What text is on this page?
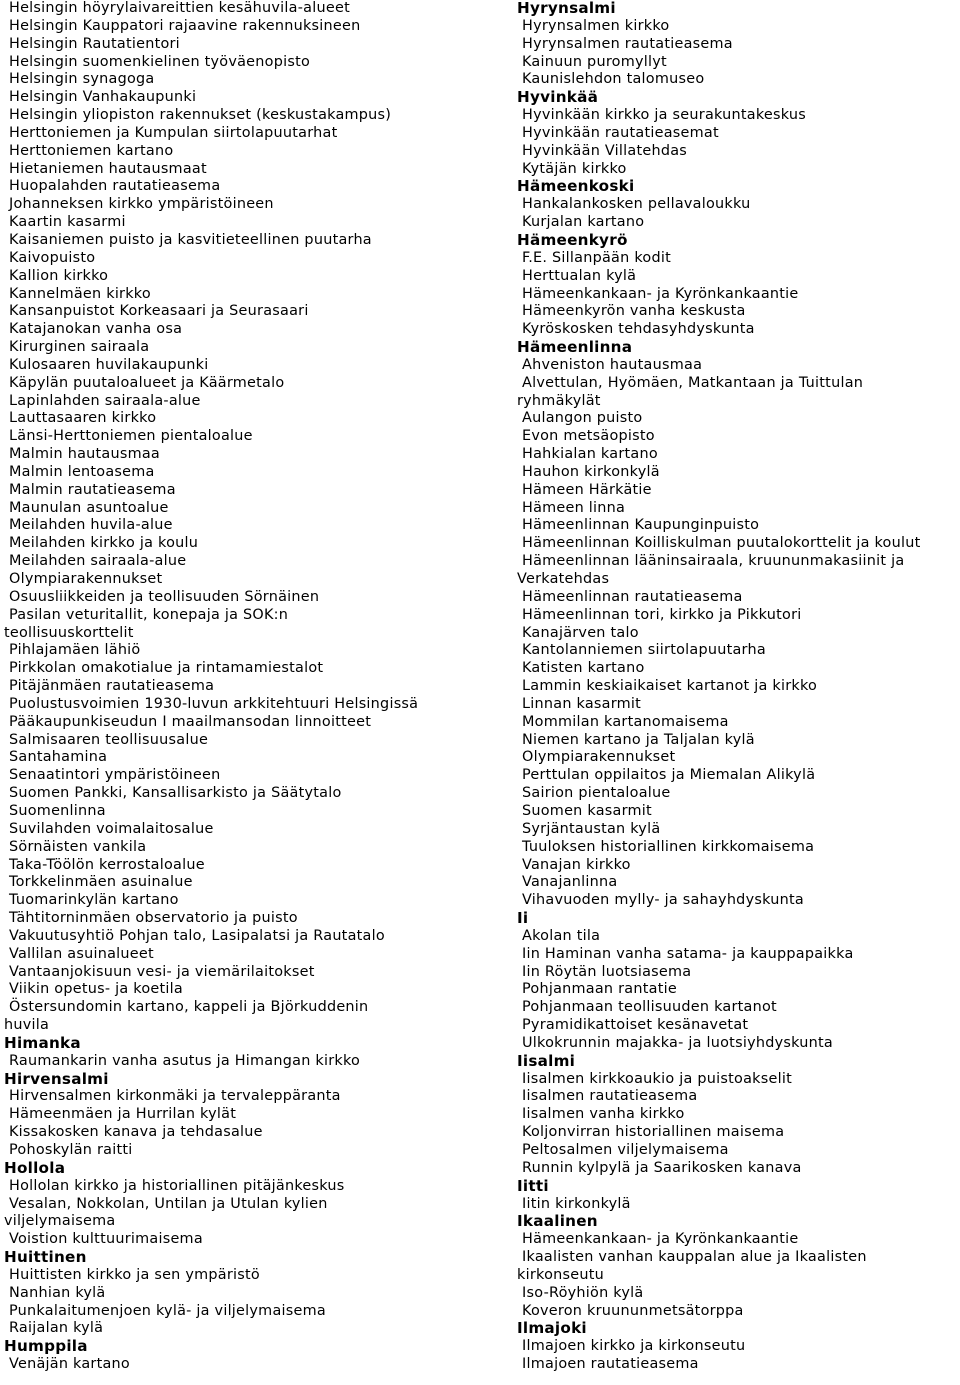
Helsingin höyrylaivareittien kesähuvila-alueet
Helsingin Kauppatori rajaavine rakennuksineen
Helsingin Rautatientori
Helsingin suomenkielinen työväenopisto
Helsingin synagoga
Helsingin Vanhakaupunki
Helsingin yliopiston rakennukset (keskustakampus)
Herttoniemen ja Kumpulan siirtolapuutarhat
Herttoniemen kartano
Hietaniemen hautausmaat
Huopalahden rautatieasema
Johanneksen kirkko ympäristöineen
Kaartin kasarmi
Kaisaniemen puisto ja kasvitieteellinen puutarha
Kaivopuisto
Kallion kirkko
Kannelmäen kirkko
Kansanpuistot Korkeasaari ja Seurasaari
Katajanokan vanha osa
Kirurginen sairaala
Kulosaaren huvilakaupunki
Käpylän puutaloalueet ja Käärmetalo
Lapinlahden sairaala-alue
Lauttasaaren kirkko
Länsi-Herttoniemen pientaloalue
Malmin hautausmaa
Malmin lentoasema
Malmin rautatieasema
Maunulan asuntoalue
Meilahden huvila-alue
Meilahden kirkko ja koulu
Meilahden sairaala-alue
Olympiarakennukset
Osuusliikkeiden ja teollisuuden Sörnäinen
Pasilan veturitallit, konepaja ja SOK:n
teollisuuskorttelit
Pihlajamäen lähiö
Pirkkolan omakotialue ja rintamamiestalot
Pitäjänmäen rautatieasema
Puolustusvoimien 1930-luvun arkkitehtuuri Helsingissä
Pääkaupunkiseudun I maailmansodan linnoitteet
Salmisaaren teollisuusalue
Santahamina
Senaatintori ympäristöineen
Suomen Pankki, Kansallisarkisto ja Säätytalo
Suomenlinna
Suvilahden voimalaitosalue
Sörnäisten vankila
Taka-Töölön kerrostaloalue
Torkkelinmäen asuinalue
Tuomarinkylän kartano
Tähtitorninmäen observatorio ja puisto
Vakuutusyhtiö Pohjan talo, Lasipalatsi ja Rautatalo
Vallilan asuinalueet
Vantaanjokisuun vesi- ja viemärilaitokset
Viikin opetus- ja koetila
Östersundomin kartano, kappeli ja Björkuddenin
huvila
Himanka
Raumankarin vanha asutus ja Himangan kirkko
Hirvensalmi
Hirvensalmen kirkonmäki ja tervaleppäranta
Hämeenmäen ja Hurrilan kylät
Kissakosken kanava ja tehdasalue
Pohoskylän raitti
Hollola
Hollolan kirkko ja historiallinen pitäjänkeskus
Vesalan, Nokkolan, Untilan ja Utulan kylien
viljelymaisema
Voistion kulttuurimaisema
Huittinen
Huittisten kirkko ja sen ympäristö
Nanhian kylä
Punkalaitumenjoen kylä- ja viljelymaisema
Raijalan kylä
Humppila
Venäjän kartano
Hyrynsalmi
Hyrynsalmen kirkko
Hyrynsalmen rautatieasema
Kainuun puromyllyt
Kaunislehdon talomuseo
Hyvinkää
Hyvinkään kirkko ja seurakuntakeskus
Hyvinkään rautatieasemat
Hyvinkään Villatehdas
Kytäjän kirkko
Hämeenkoski
Hankalankosken pellavaloukku
Kurjalan kartano
Hämeenkyrö
F.E. Sillanpään kodit
Herttualan kylä
Hämeenkankaan- ja Kyrönkankaantie
Hämeenkyrön vanha keskusta
Kyröskosken tehdasyhdyskunta
Hämeenlinna
Ahveniston hautausmaa
Alvettulan, Hyömäen, Matkantaan ja Tuittulan
ryhmäkylät
Aulangon puisto
Evon metsäopisto
Hahkialan kartano
Hauhon kirkonkylä
Hämeen Härkätie
Hämeen linna
Hämeenlinnan Kaupunginpuisto
Hämeenlinnan Koilliskulman puutalokorttelit ja koulut
Hämeenlinnan lääninsairaala, kruununmakasiinit ja
Verkatehdas
Hämeenlinnan rautatieasema
Hämeenlinnan tori, kirkko ja Pikkutori
Kanajärven talo
Kantolanniemen siirtolapuutarha
Katisten kartano
Lammin keskiaikaiset kartanot ja kirkko
Linnan kasarmit
Mommilan kartanomaisema
Niemen kartano ja Taljalan kylä
Olympiarakennukset
Perttulan oppilaitos ja Miemalan Alikylä
Sairion pientaloalue
Suomen kasarmit
Syrjäntaustan kylä
Tuuloksen historiallinen kirkkomaisema
Vanajan kirkko
Vanajanlinna
Vihavuoden mylly- ja sahayhdyskunta
Ii
Akolan tila
Iin Haminan vanha satama- ja kauppapaikka
Iin Röytän luotsiasema
Pohjanmaan rantatie
Pohjanmaan teollisuuden kartanot
Pyramidikattoiset kesänavetat
Ulkokrunnin majakka- ja luotsiyhdyskunta
Iisalmi
Iisalmen kirkkoaukio ja puistoakselit
Iisalmen rautatieasema
Iisalmen vanha kirkko
Koljonvirran historiallinen maisema
Peltosalmen viljelymaisema
Runnin kylpylä ja Saarikosken kanava
Iitti
Iitin kirkonkylä
Ikaalinen
Hämeenkankaan- ja Kyrönkankaantie
Ikaalisten vanhan kauppalan alue ja Ikaalisten
kirkonseutu
Iso-Röyhiön kylä
Koveron kruununmetsätorppa
Ilmajoki
Ilmajoen kirkko ja kirkonseutu
Ilmajoen rautatieasema
